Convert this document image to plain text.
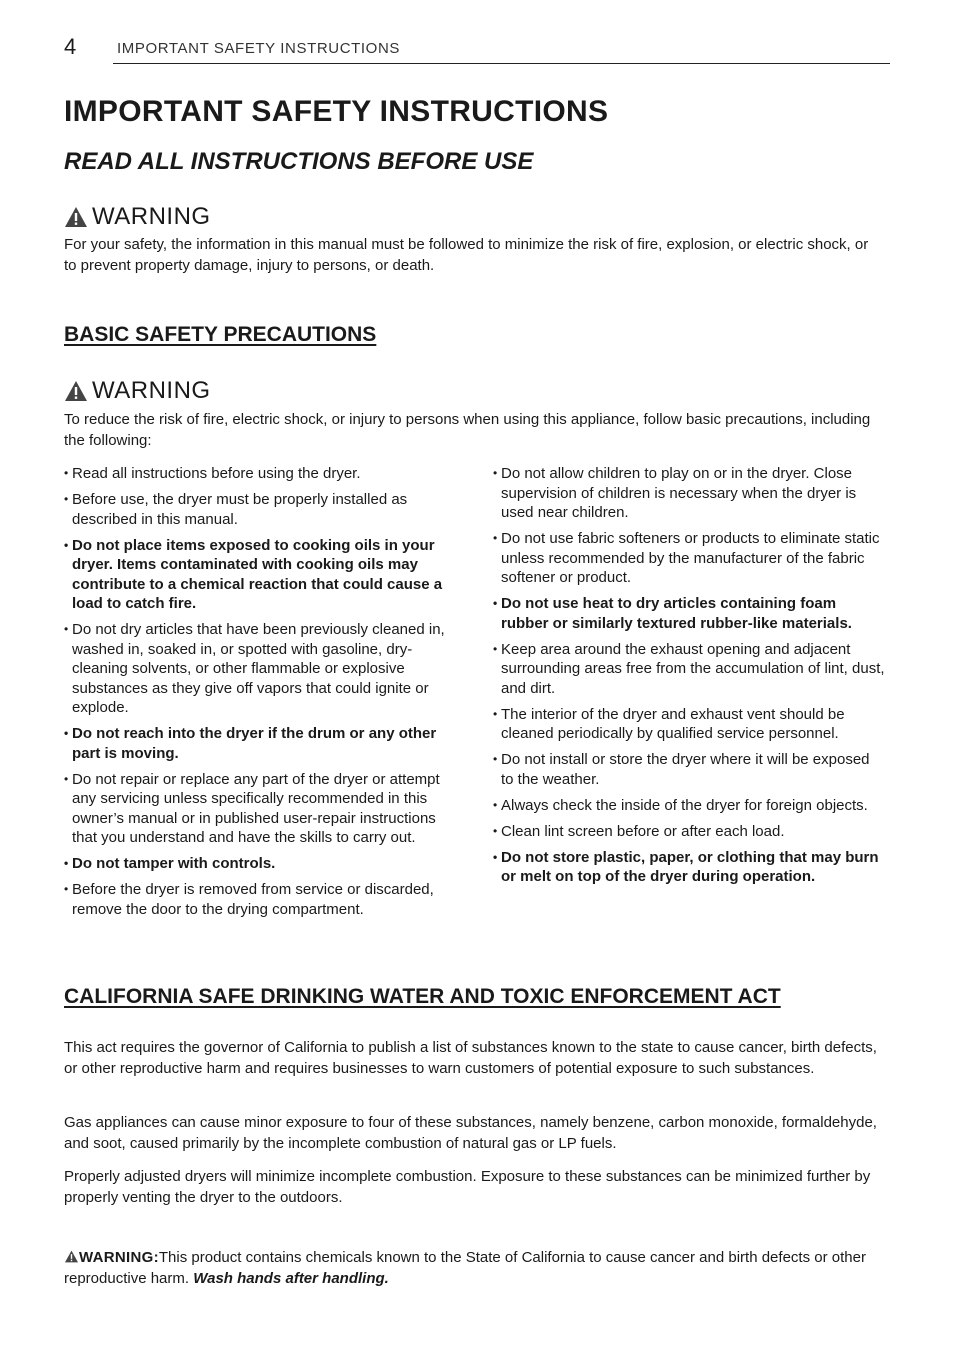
4	IMPORTANT SAFETY INSTRUCTIONS
IMPORTANT SAFETY INSTRUCTIONS
READ ALL INSTRUCTIONS BEFORE USE
WARNING
For your safety, the information in this manual must be followed to minimize the risk of fire, explosion, or electric shock, or to prevent property damage, injury to persons, or death.
BASIC SAFETY PRECAUTIONS
WARNING
To reduce the risk of fire, electric shock, or injury to persons when using this appliance, follow basic precautions, including the following:
• Read all instructions before using the dryer.
• Before use, the dryer must be properly installed as described in this manual.
• Do not place items exposed to cooking oils in your dryer. Items contaminated with cooking oils may contribute to a chemical reaction that could cause a load to catch fire.
• Do not dry articles that have been previously cleaned in, washed in, soaked in, or spotted with gasoline, dry-cleaning solvents, or other flammable or explosive substances as they give off vapors that could ignite or explode.
• Do not reach into the dryer if the drum or any other part is moving.
• Do not repair or replace any part of the dryer or attempt any servicing unless specifically recommended in this owner’s manual or in published user-repair instructions that you understand and have the skills to carry out.
• Do not tamper with controls.
• Before the dryer is removed from service or discarded, remove the door to the drying compartment.
• Do not allow children to play on or in the dryer. Close supervision of children is necessary when the dryer is used near children.
• Do not use fabric softeners or products to eliminate static unless recommended by the manufacturer of the fabric softener or product.
• Do not use heat to dry articles containing foam rubber or similarly textured rubber-like materials.
• Keep area around the exhaust opening and adjacent surrounding areas free from the accumulation of lint, dust, and dirt.
• The interior of the dryer and exhaust vent should be cleaned periodically by qualified service personnel.
• Do not install or store the dryer where it will be exposed to the weather.
• Always check the inside of the dryer for foreign objects.
• Clean lint screen before or after each load.
• Do not store plastic, paper, or clothing that may burn or melt on top of the dryer during operation.
CALIFORNIA SAFE DRINKING WATER AND TOXIC ENFORCEMENT ACT
This act requires the governor of California to publish a list of substances known to the state to cause cancer, birth defects, or other reproductive harm and requires businesses to warn customers of potential exposure to such substances.
Gas appliances can cause minor exposure to four of these substances, namely benzene, carbon monoxide, formaldehyde, and soot, caused primarily by the incomplete combustion of natural gas or LP fuels.
Properly adjusted dryers will minimize incomplete combustion. Exposure to these substances can be minimized further by properly venting the dryer to the outdoors.
WARNING:This product contains chemicals known to the State of California to cause cancer and birth defects or other reproductive harm. Wash hands after handling.
